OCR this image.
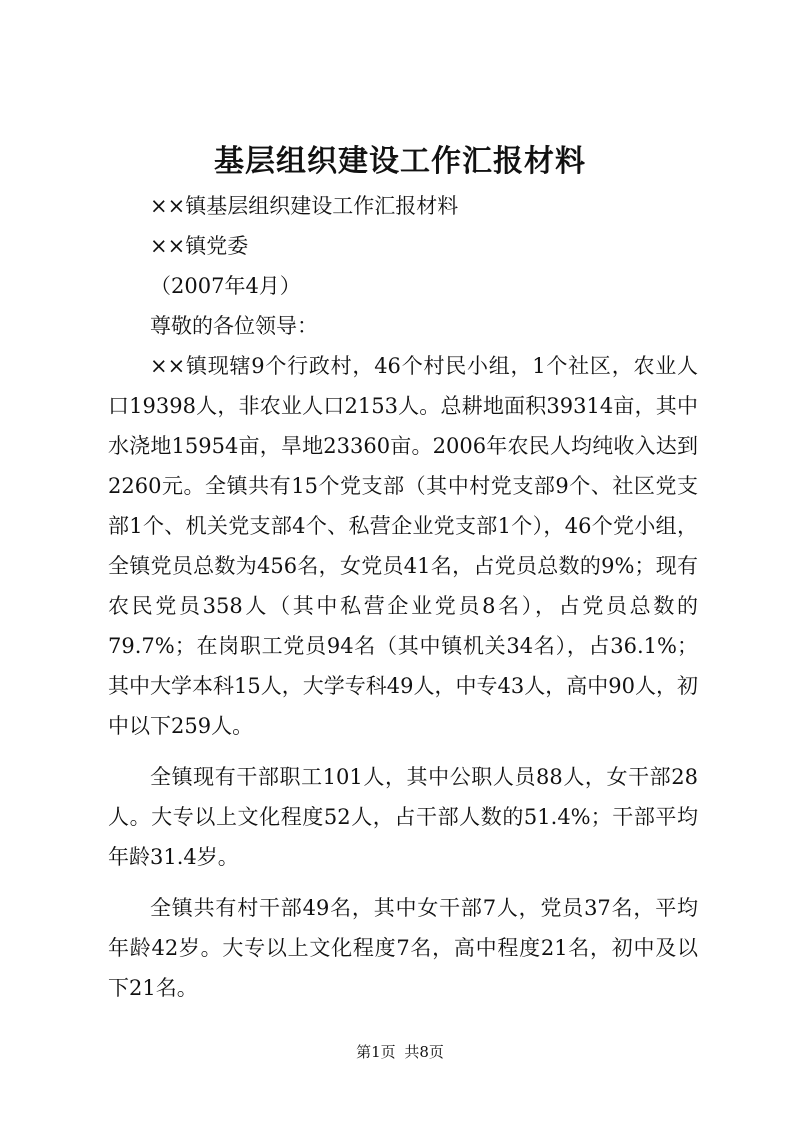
基层组织建设工作汇报材料

××镇基层组织建设工作汇报材料

××镇党委

（2007年4月）

尊敬的各位领导：

××镇现辖9个行政村，46个村民小组，1个社区，农业人口19398人，非农业人口2153人。总耕地面积39314亩，其中水浇地15954亩，旱地23360亩。2006年农民人均纯收入达到2260元。全镇共有15个党支部（其中村党支部9个、社区党支部1个、机关党支部4个、私营企业党支部1个），46个党小组，全镇党员总数为456名，女党员41名，占党员总数的9%；现有农民党员358人（其中私营企业党员8名），占党员总数的79.7%；在岗职工党员94名（其中镇机关34名），占36.1%；其中大学本科15人，大学专科49人，中专43人，高中90人，初中以下259人。

全镇现有干部职工101人，其中公职人员88人，女干部28人。大专以上文化程度52人，占干部人数的51.4%；干部平均年龄31.4岁。

全镇共有村干部49名，其中女干部7人，党员37名，平均年龄42岁。大专以上文化程度7名，高中程度21名，初中及以下21名。

第1页 共8页
